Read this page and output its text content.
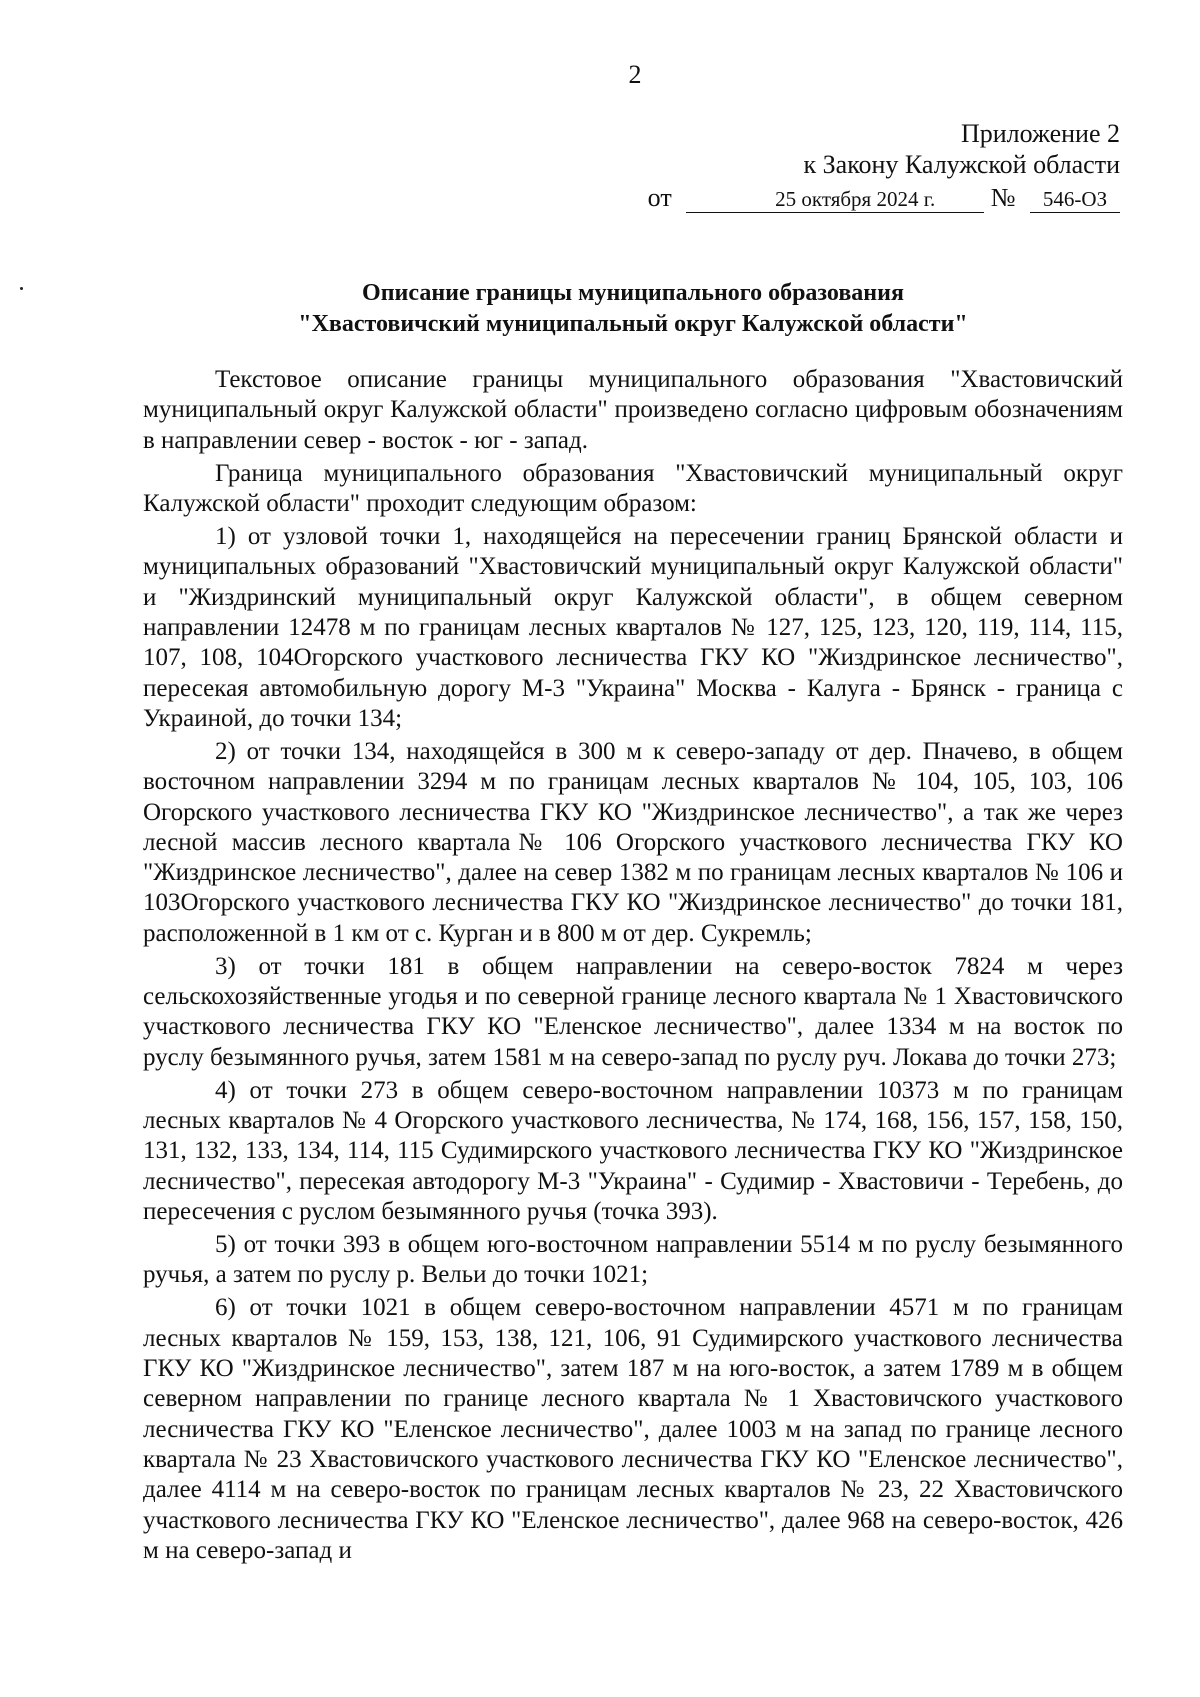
2
Приложение 2
к Закону Калужской области
от	25 октября 2024 г. № 546-ОЗ
Описание границы муниципального образования
"Хвастовичский муниципальный округ Калужской области"

Текстовое описание границы муниципального образования "Хвастовичский муниципальный округ Калужской области" произведено согласно цифровым обозначениям в направлении север - восток - юг - запад.

Граница муниципального образования "Хвастовичский муниципальный округ Калужской области" проходит следующим образом:

1) от узловой точки 1, находящейся на пересечении границ Брянской области и муниципальных образований "Хвастовичский муниципальный округ Калужской области" и "Жиздринский муниципальный округ Калужской области", в общем северном направлении 12478 м по границам лесных кварталов № 127, 125, 123, 120, 119, 114, 115, 107, 108, 104Огорского участкового лесничества ГКУ КО "Жиздринское лесничество", пересекая автомобильную дорогу М-3 "Украина" Москва - Калуга - Брянск - граница с Украиной, до точки 134;

2) от точки 134, находящейся в 300 м к северо-западу от дер. Пначево, в общем восточном направлении 3294 м по границам лесных кварталов № 104, 105, 103, 106 Огорского участкового лесничества ГКУ КО "Жиздринское лесничество", а так же через лесной массив лесного квартала№ 106 Огорского участкового лесничества ГКУ КО "Жиздринское лесничество", далее на север 1382 м по границам лесных кварталов № 106 и 103Огорского участкового лесничества ГКУ КО "Жиздринское лесничество" до точки 181, расположенной в 1 км от с. Курган и в 800 м от дер. Сукремль;

3) от точки 181 в общем направлении на северо-восток 7824 м через сельскохозяйственные угодья и по северной границе лесного квартала № 1 Хвастовичского участкового лесничества ГКУ КО "Еленское лесничество", далее 1334 м на восток по руслу безымянного ручья, затем 1581 м на северо-запад по руслу руч. Локава до точки 273;

4) от точки 273 в общем северо-восточном направлении 10373 м по границам лесных кварталов № 4 Огорского участкового лесничества, № 174, 168, 156, 157, 158, 150, 131, 132, 133, 134, 114, 115 Судимирского участкового лесничества ГКУ КО "Жиздринское лесничество", пересекая автодорогу М-3 "Украина" - Судимир - Хвастовичи - Теребень, до пересечения с руслом безымянного ручья (точка 393).

5) от точки 393 в общем юго-восточном направлении 5514 м по руслу безымянного ручья, а затем по руслу р. Вельи до точки 1021;

6) от точки 1021 в общем северо-восточном направлении 4571 м по границам лесных кварталов № 159, 153, 138, 121, 106, 91 Судимирского участкового лесничества ГКУ КО "Жиздринское лесничество", затем 187 м на юго-восток, а затем 1789 м в общем северном направлении по границе лесного квартала № 1 Хвастовичского участкового лесничества ГКУ КО "Еленское лесничество", далее 1003 м на запад по границе лесного квартала № 23 Хвастовичского участкового лесничества ГКУ КО "Еленское лесничество", далее 4114 м на северо-восток по границам лесных кварталов № 23, 22 Хвастовичского участкового лесничества ГКУ КО "Еленское лесничество", далее 968 на северо-восток, 426 м на северо-запад и
